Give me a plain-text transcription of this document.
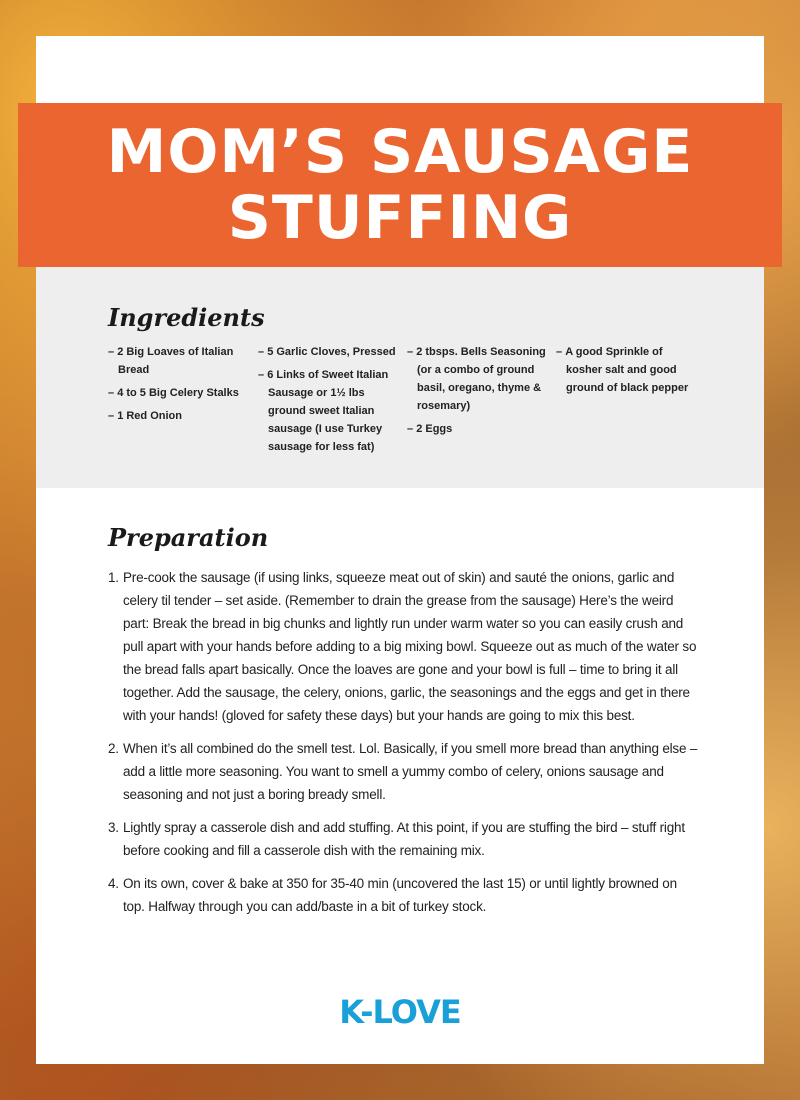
MOM’S SAUSAGE
STUFFING
Ingredients
– 2 Big Loaves of Italian Bread
– 4 to 5 Big Celery Stalks
– 1 Red Onion
– 5 Garlic Cloves, Pressed
– 6 Links of Sweet Italian Sausage or 1½ lbs ground sweet Italian sausage (I use Turkey sausage for less fat)
– 2 tbsps. Bells Seasoning (or a combo of ground basil, oregano, thyme & rosemary)
– 2 Eggs
– A good Sprinkle of kosher salt and good ground of black pepper
Preparation
1. Pre-cook the sausage (if using links, squeeze meat out of skin) and sauté the onions, garlic and celery til tender – set aside. (Remember to drain the grease from the sausage) Here’s the weird part: Break the bread in big chunks and lightly run under warm water so you can easily crush and pull apart with your hands before adding to a big mixing bowl. Squeeze out as much of the water so the bread falls apart basically. Once the loaves are gone and your bowl is full – time to bring it all together. Add the sausage, the celery, onions, garlic, the seasonings and the eggs and get in there with your hands! (gloved for safety these days) but your hands are going to mix this best.
2. When it’s all combined do the smell test. Lol. Basically, if you smell more bread than anything else – add a little more seasoning. You want to smell a yummy combo of celery, onions sausage and seasoning and not just a boring bready smell.
3. Lightly spray a casserole dish and add stuffing. At this point, if you are stuffing the bird – stuff right before cooking and fill a casserole dish with the remaining mix.
4. On its own, cover & bake at 350 for 35-40 min (uncovered the last 15) or until lightly browned on top. Halfway through you can add/baste in a bit of turkey stock.
K-LOVE
